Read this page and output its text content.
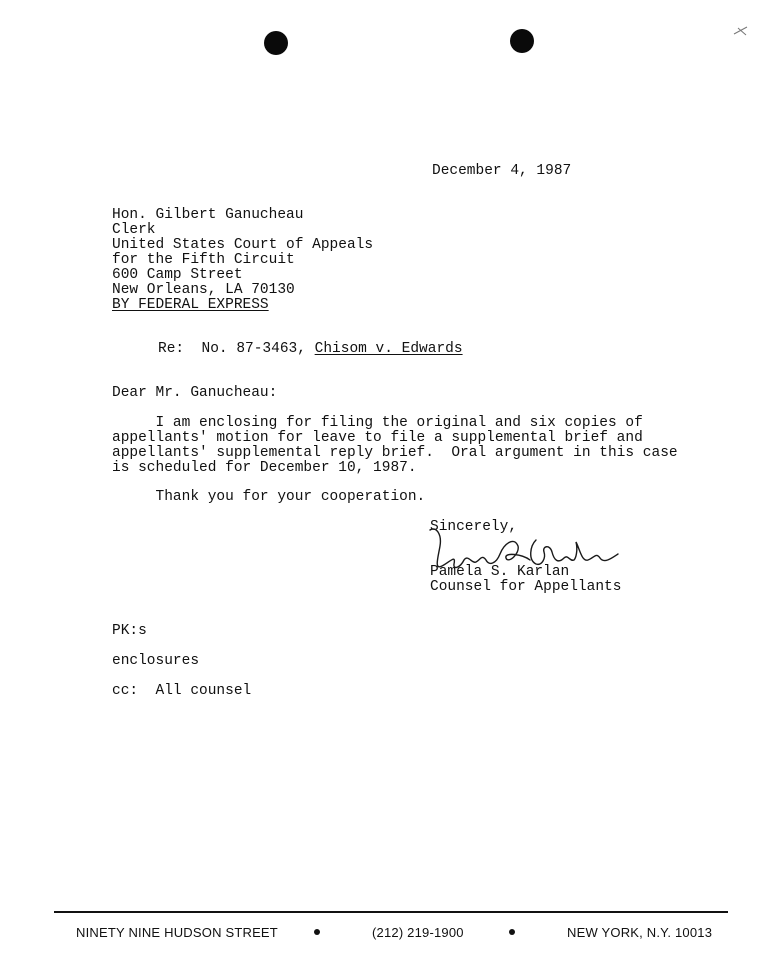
December 4, 1987
Hon. Gilbert Ganucheau
Clerk
United States Court of Appeals
for the Fifth Circuit
600 Camp Street
New Orleans, LA 70130
BY FEDERAL EXPRESS
Re: No. 87-3463, Chisom v. Edwards
Dear Mr. Ganucheau:
I am enclosing for filing the original and six copies of
appellants' motion for leave to file a supplemental brief and
appellants' supplemental reply brief.  Oral argument in this case
is scheduled for December 10, 1987.
Thank you for your cooperation.
Sincerely,
Pamela S. Karlan
Counsel for Appellants
PK:s
enclosures
cc:  All counsel
NINETY NINE HUDSON STREET	(212) 219-1900	NEW YORK, N.Y. 10013
